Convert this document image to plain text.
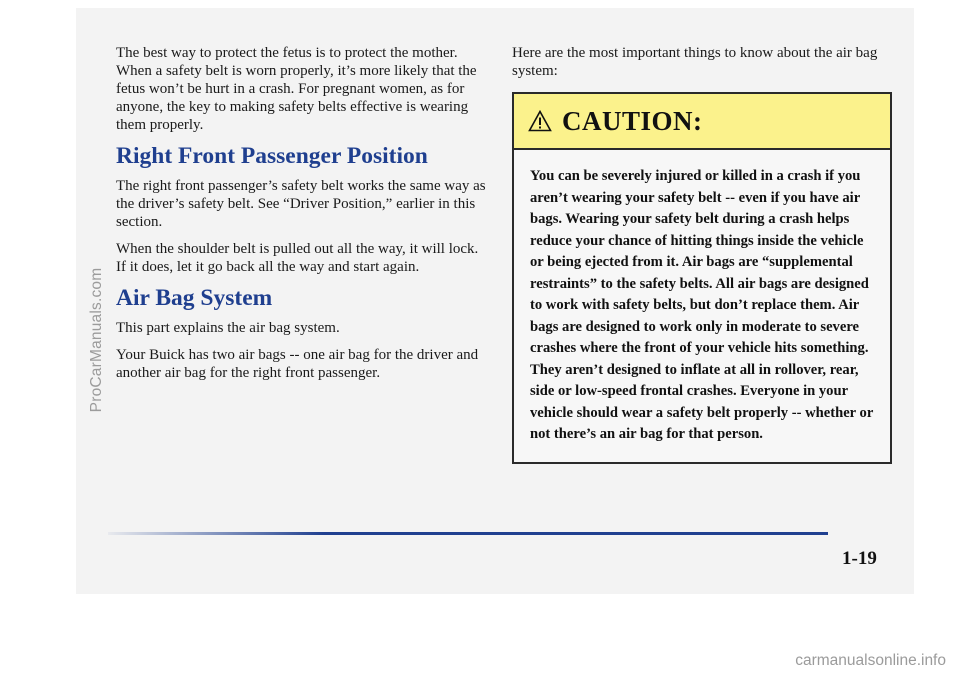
The best way to protect the fetus is to protect the mother. When a safety belt is worn properly, it’s more likely that the fetus won’t be hurt in a crash. For pregnant women, as for anyone, the key to making safety belts effective is wearing them properly.

Right Front Passenger Position

The right front passenger’s safety belt works the same way as the driver’s safety belt. See “Driver Position,” earlier in this section.

When the shoulder belt is pulled out all the way, it will lock. If it does, let it go back all the way and start again.

Air Bag System

This part explains the air bag system.

Your Buick has two air bags -- one air bag for the driver and another air bag for the right front passenger.

Here are the most important things to know about the air bag system:

CAUTION:
You can be severely injured or killed in a crash if you aren’t wearing your safety belt -- even if you have air bags. Wearing your safety belt during a crash helps reduce your chance of hitting things inside the vehicle or being ejected from it. Air bags are “supplemental restraints” to the safety belts. All air bags are designed to work with safety belts, but don’t replace them. Air bags are designed to work only in moderate to severe crashes where the front of your vehicle hits something. They aren’t designed to inflate at all in rollover, rear, side or low-speed frontal crashes. Everyone in your vehicle should wear a safety belt properly -- whether or not there’s an air bag for that person.
1-19
ProCarManuals.com
carmanualsonline.info
